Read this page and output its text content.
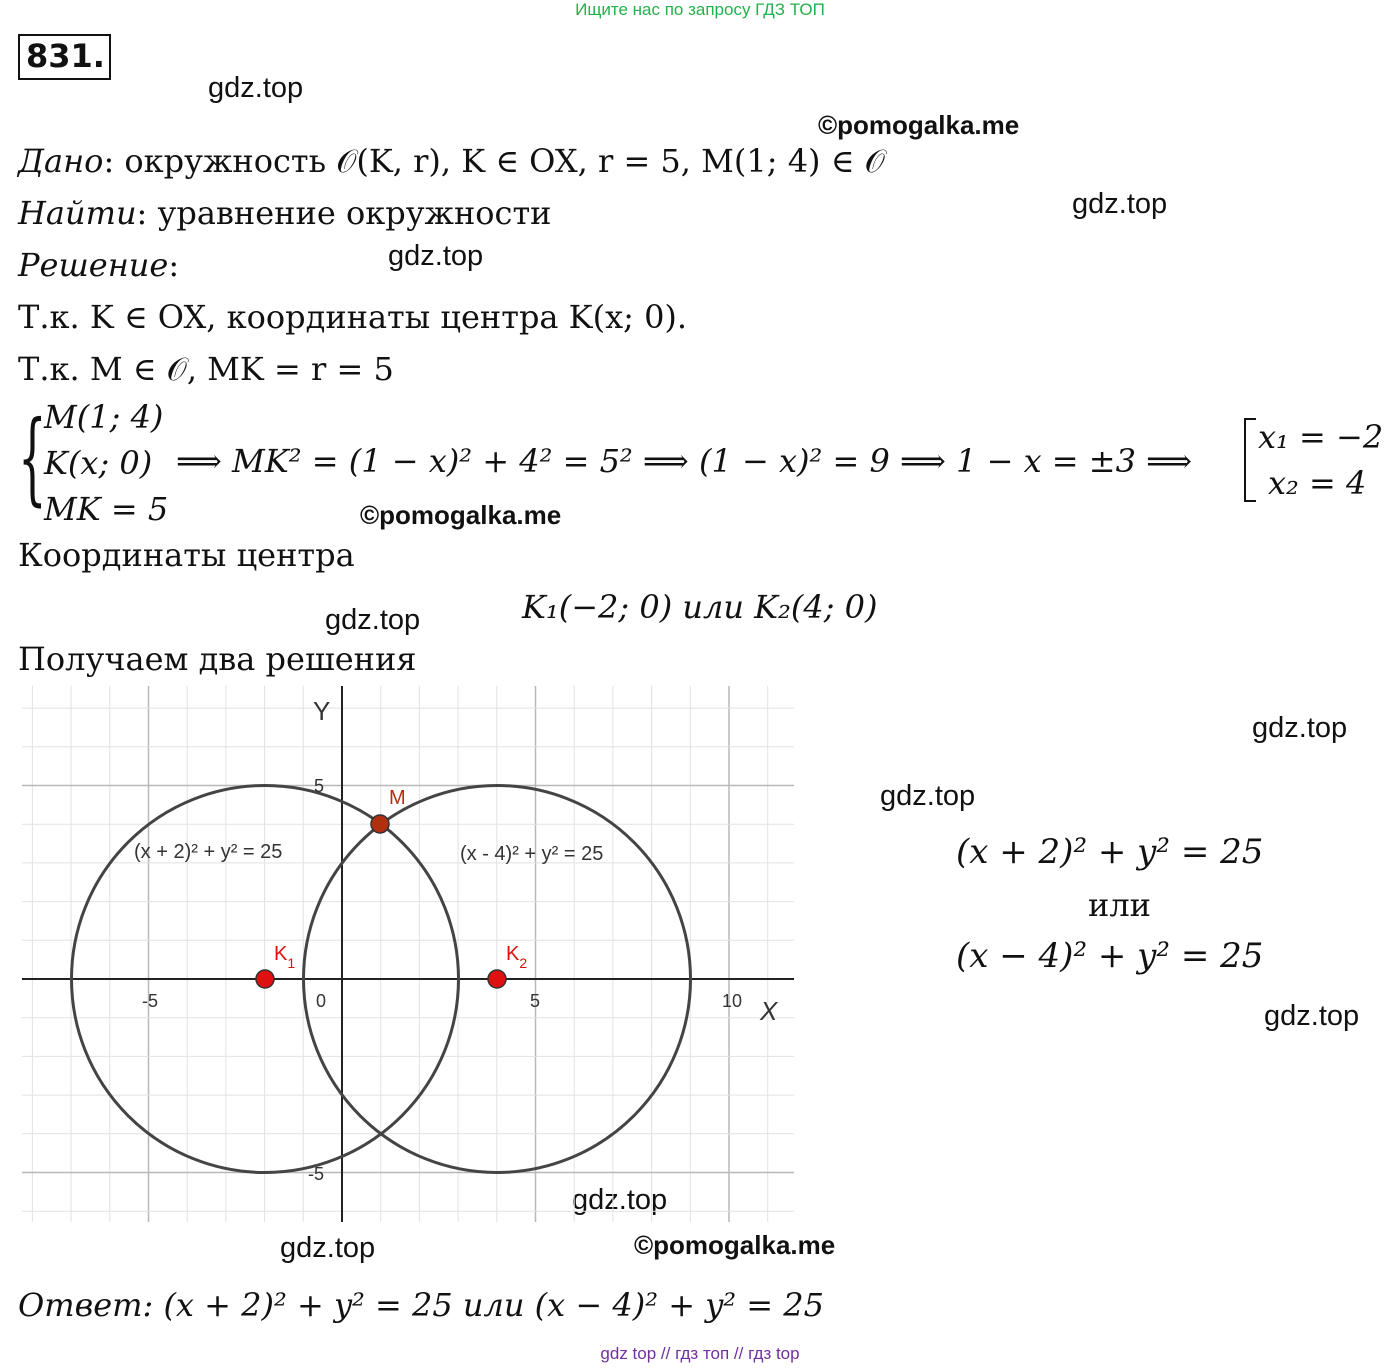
Ищите нас по запросу ГДЗ ТОП
831.
gdz.top
©pomogalka.me
gdz.top
gdz.top
©pomogalka.me
gdz.top
gdz.top
gdz.top
gdz.top
gdz.top
gdz.top	©pomogalka.me
Дано: окружность 𝒪(K, r), K ∈ OX, r = 5, M(1; 4) ∈ 𝒪
Найти: уравнение окружности
Решение:
Т.к. K ∈ OX, координаты центра K(x; 0).
Т.к. M ∈ 𝒪, MK = r = 5
{
M(1; 4)
K(x; 0)
MK = 5
⟹ MK² = (1 − x)² + 4² = 5² ⟹ (1 − x)² = 9 ⟹ 1 − x = ±3 ⟹
x₁ = −2
x₂ = 4
Координаты центра
K₁(−2; 0) или K₂(4; 0)
Получаем два решения
Y
X
-5	0	5	10
5
-5
(x + 2)² + y² = 25	(x - 4)² + y² = 25
M
$K_1$	$K_2$
(x + 2)² + y² = 25
или
(x − 4)² + y² = 25
Ответ: (x + 2)² + y² = 25 или (x − 4)² + y² = 25
gdz top // гдз топ // гдз top
